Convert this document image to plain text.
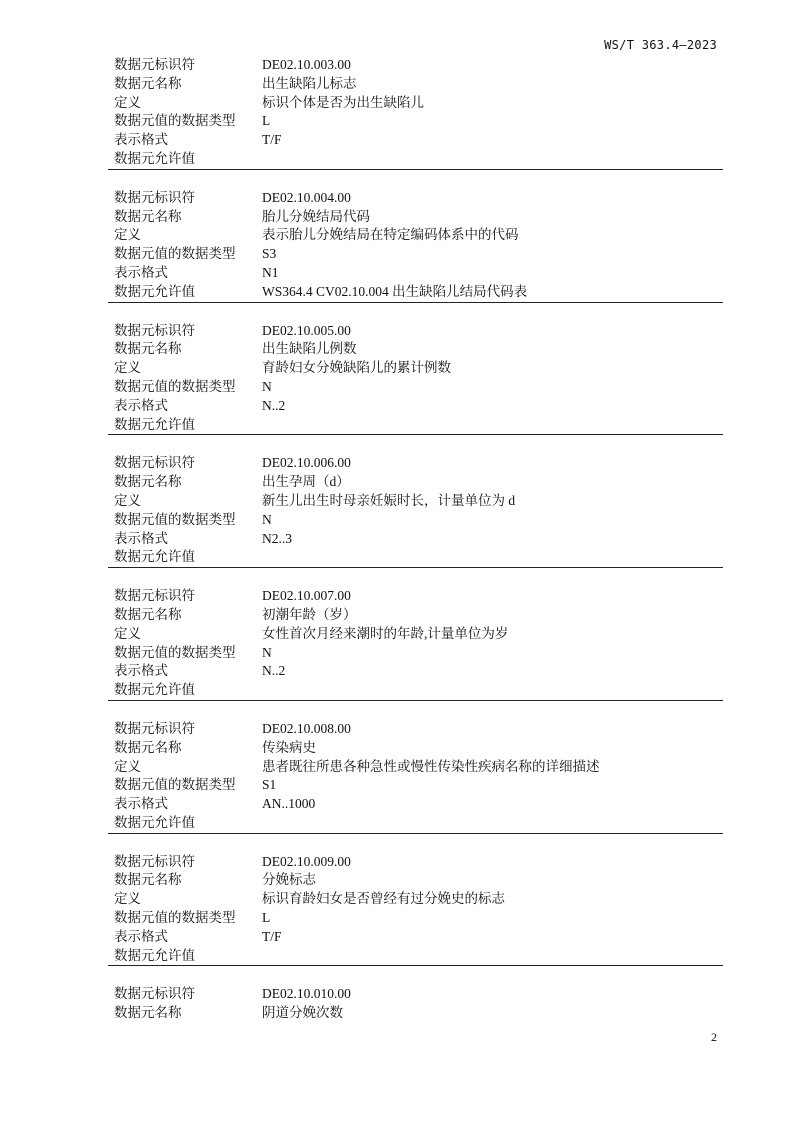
WS/T 363.4—2023
数据元标识符	DE02.10.003.00
数据元名称	出生缺陷儿标志
定义	标识个体是否为出生缺陷儿
数据元值的数据类型	L
表示格式	T/F
数据元允许值
数据元标识符	DE02.10.004.00
数据元名称	胎儿分娩结局代码
定义	表示胎儿分娩结局在特定编码体系中的代码
数据元值的数据类型	S3
表示格式	N1
数据元允许值	WS364.4 CV02.10.004 出生缺陷儿结局代码表
数据元标识符	DE02.10.005.00
数据元名称	出生缺陷儿例数
定义	育龄妇女分娩缺陷儿的累计例数
数据元值的数据类型	N
表示格式	N..2
数据元允许值
数据元标识符	DE02.10.006.00
数据元名称	出生孕周（d）
定义	新生儿出生时母亲妊娠时长，计量单位为 d
数据元值的数据类型	N
表示格式	N2..3
数据元允许值
数据元标识符	DE02.10.007.00
数据元名称	初潮年龄（岁）
定义	女性首次月经来潮时的年龄,计量单位为岁
数据元值的数据类型	N
表示格式	N..2
数据元允许值
数据元标识符	DE02.10.008.00
数据元名称	传染病史
定义	患者既往所患各种急性或慢性传染性疾病名称的详细描述
数据元值的数据类型	S1
表示格式	AN..1000
数据元允许值
数据元标识符	DE02.10.009.00
数据元名称	分娩标志
定义	标识育龄妇女是否曾经有过分娩史的标志
数据元值的数据类型	L
表示格式	T/F
数据元允许值
数据元标识符	DE02.10.010.00
数据元名称	阴道分娩次数
2
